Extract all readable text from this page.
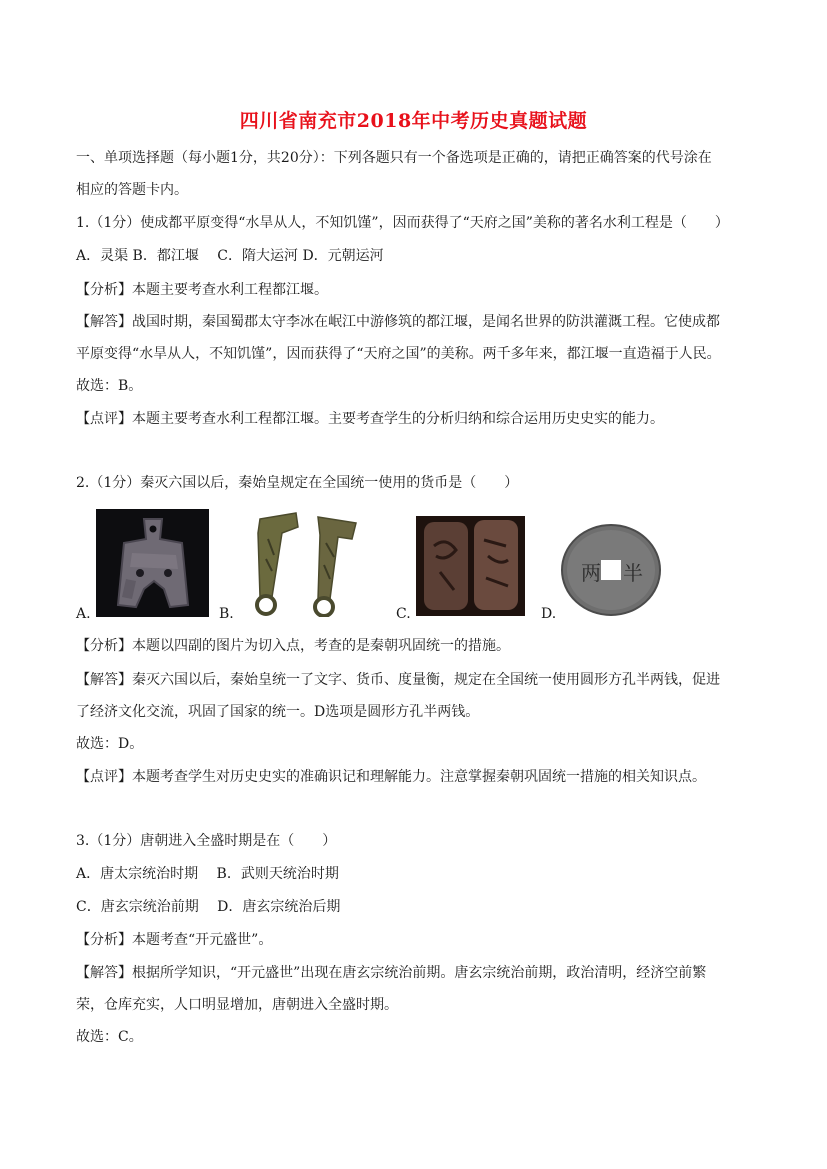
四川省南充市2018年中考历史真题试题
一、单项选择题（每小题1分，共20分）：下列各题只有一个备选项是正确的，请把正确答案的代号涂在
相应的答题卡内。
1.（1分）使成都平原变得“水旱从人，不知饥馑”，因而获得了“天府之国”美称的著名水利工程是（　　）
A．灵渠 B．都江堰　 C．隋大运河 D．元朝运河
【分析】本题主要考查水利工程都江堰。
【解答】战国时期，秦国蜀郡太守李冰在岷江中游修筑的都江堰，是闻名世界的防洪灌溉工程。它使成都
平原变得“水旱从人，不知饥馑”，因而获得了“天府之国”的美称。两千多年来，都江堰一直造福于人民。
故选：B。
【点评】本题主要考查水利工程都江堰。主要考查学生的分析归纳和综合运用历史史实的能力。
2.（1分）秦灭六国以后，秦始皇规定在全国统一使用的货币是（　　）
A.	B.	C.	D.
两 半
【分析】本题以四副的图片为切入点，考查的是秦朝巩固统一的措施。
【解答】秦灭六国以后，秦始皇统一了文字、货币、度量衡，规定在全国统一使用圆形方孔半两钱，促进
了经济文化交流，巩固了国家的统一。D选项是圆形方孔半两钱。
故选：D。
【点评】本题考查学生对历史史实的准确识记和理解能力。注意掌握秦朝巩固统一措施的相关知识点。
3.（1分）唐朝进入全盛时期是在（　　）
A．唐太宗统治时期　 B．武则天统治时期
C．唐玄宗统治前期　 D．唐玄宗统治后期
【分析】本题考查“开元盛世”。
【解答】根据所学知识，“开元盛世”出现在唐玄宗统治前期。唐玄宗统治前期，政治清明，经济空前繁
荣，仓库充实，人口明显增加，唐朝进入全盛时期。
故选：C。
